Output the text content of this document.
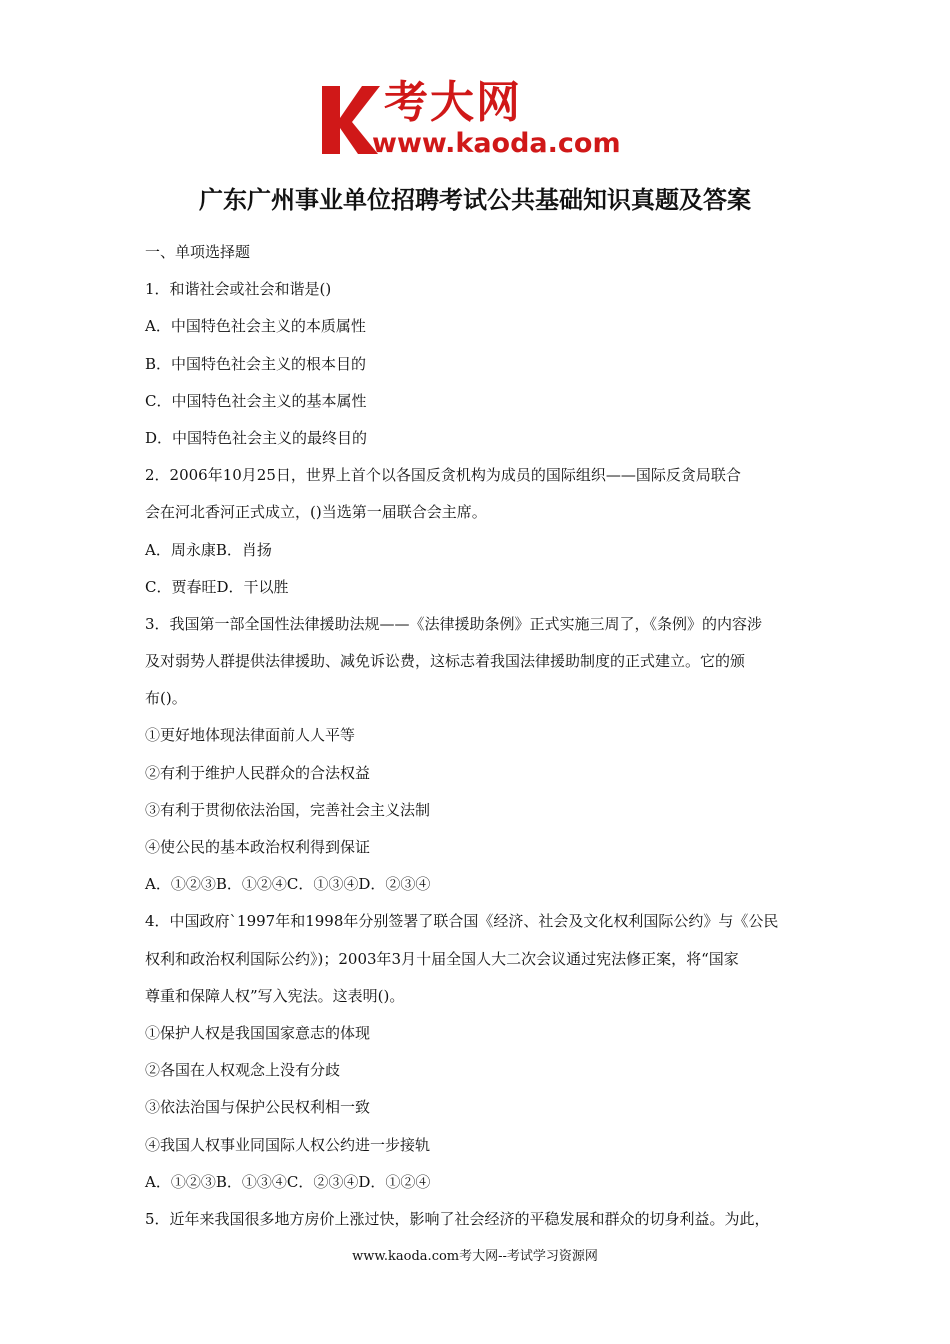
考大网
www.kaoda.com
广东广州事业单位招聘考试公共基础知识真题及答案
一、单项选择题
1．和谐社会或社会和谐是()
A．中国特色社会主义的本质属性
B．中国特色社会主义的根本目的
C．中国特色社会主义的基本属性
D．中国特色社会主义的最终目的
2．2006年10月25日，世界上首个以各国反贪机构为成员的国际组织——国际反贪局联合
会在河北香河正式成立，()当选第一届联合会主席。
A．周永康B．肖扬
C．贾春旺D．干以胜
3．我国第一部全国性法律援助法规——《法律援助条例》正式实施三周了，《条例》的内容涉
及对弱势人群提供法律援助、减免诉讼费，这标志着我国法律援助制度的正式建立。它的颁
布()。
①更好地体现法律面前人人平等
②有利于维护人民群众的合法权益
③有利于贯彻依法治国，完善社会主义法制
④使公民的基本政治权利得到保证
A．①②③B．①②④C．①③④D．②③④
4．中国政府`1997年和1998年分别签署了联合国《经济、社会及文化权利国际公约》与《公民
权利和政治权利国际公约》)；2003年3月十届全国人大二次会议通过宪法修正案，将“国家
尊重和保障人权”写入宪法。这表明()。
①保护人权是我国国家意志的体现
②各国在人权观念上没有分歧
③依法治国与保护公民权利相一致
④我国人权事业同国际人权公约进一步接轨
A．①②③B．①③④C．②③④D．①②④
5．近年来我国很多地方房价上涨过快，影响了社会经济的平稳发展和群众的切身利益。为此，
www.kaoda.com考大网--考试学习资源网
